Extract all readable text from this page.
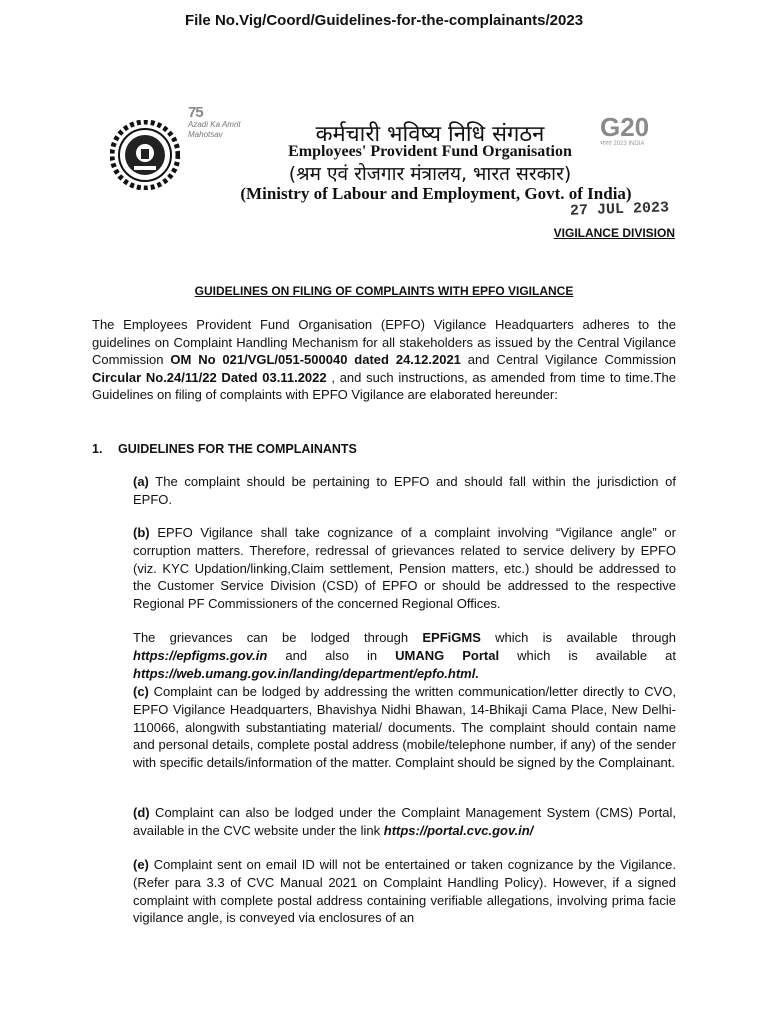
File No.Vig/Coord/Guidelines-for-the-complainants/2023
75
Azadi Ka Amrit Mahotsav	कर्मचारी भविष्य निधि संगठन
Employees' Provident Fund Organisation
(श्रम एवं रोजगार मंत्रालय, भारत सरकार)
(Ministry of Labour and Employment, Govt. of India)
G20
भारत 2023 INDIA
27 JUL 2023
VIGILANCE DIVISION
GUIDELINES ON FILING OF COMPLAINTS WITH EPFO VIGILANCE
The Employees Provident Fund Organisation (EPFO) Vigilance Headquarters adheres to the guidelines on Complaint Handling Mechanism for all stakeholders as issued by the Central Vigilance Commission OM No 021/VGL/051-500040 dated 24.12.2021 and Central Vigilance Commission Circular No.24/11/22 Dated 03.11.2022 , and such instructions, as amended from time to time.The Guidelines on filing of complaints with EPFO Vigilance are elaborated hereunder:
1. GUIDELINES FOR THE COMPLAINANTS
(a) The complaint should be pertaining to EPFO and should fall within the jurisdiction of EPFO.
(b) EPFO Vigilance shall take cognizance of a complaint involving “Vigilance angle” or corruption matters. Therefore, redressal of grievances related to service delivery by EPFO (viz. KYC Updation/linking,Claim settlement, Pension matters, etc.) should be addressed to the Customer Service Division (CSD) of EPFO or should be addressed to the respective Regional PF Commissioners of the concerned Regional Offices.
The grievances can be lodged through EPFiGMS which is available through https://epfigms.gov.in and also in UMANG Portal which is available at https://web.umang.gov.in/landing/department/epfo.html.
(c) Complaint can be lodged by addressing the written communication/letter directly to CVO, EPFO Vigilance Headquarters, Bhavishya Nidhi Bhawan, 14-Bhikaji Cama Place, New Delhi-110066, alongwith substantiating material/ documents. The complaint should contain name and personal details, complete postal address (mobile/telephone number, if any) of the sender with specific details/information of the matter. Complaint should be signed by the Complainant.
(d) Complaint can also be lodged under the Complaint Management System (CMS) Portal, available in the CVC website under the link https://portal.cvc.gov.in/
(e) Complaint sent on email ID will not be entertained or taken cognizance by the Vigilance. (Refer para 3.3 of CVC Manual 2021 on Complaint Handling Policy). However, if a signed complaint with complete postal address containing verifiable allegations, involving prima facie vigilance angle, is conveyed via enclosures of an
